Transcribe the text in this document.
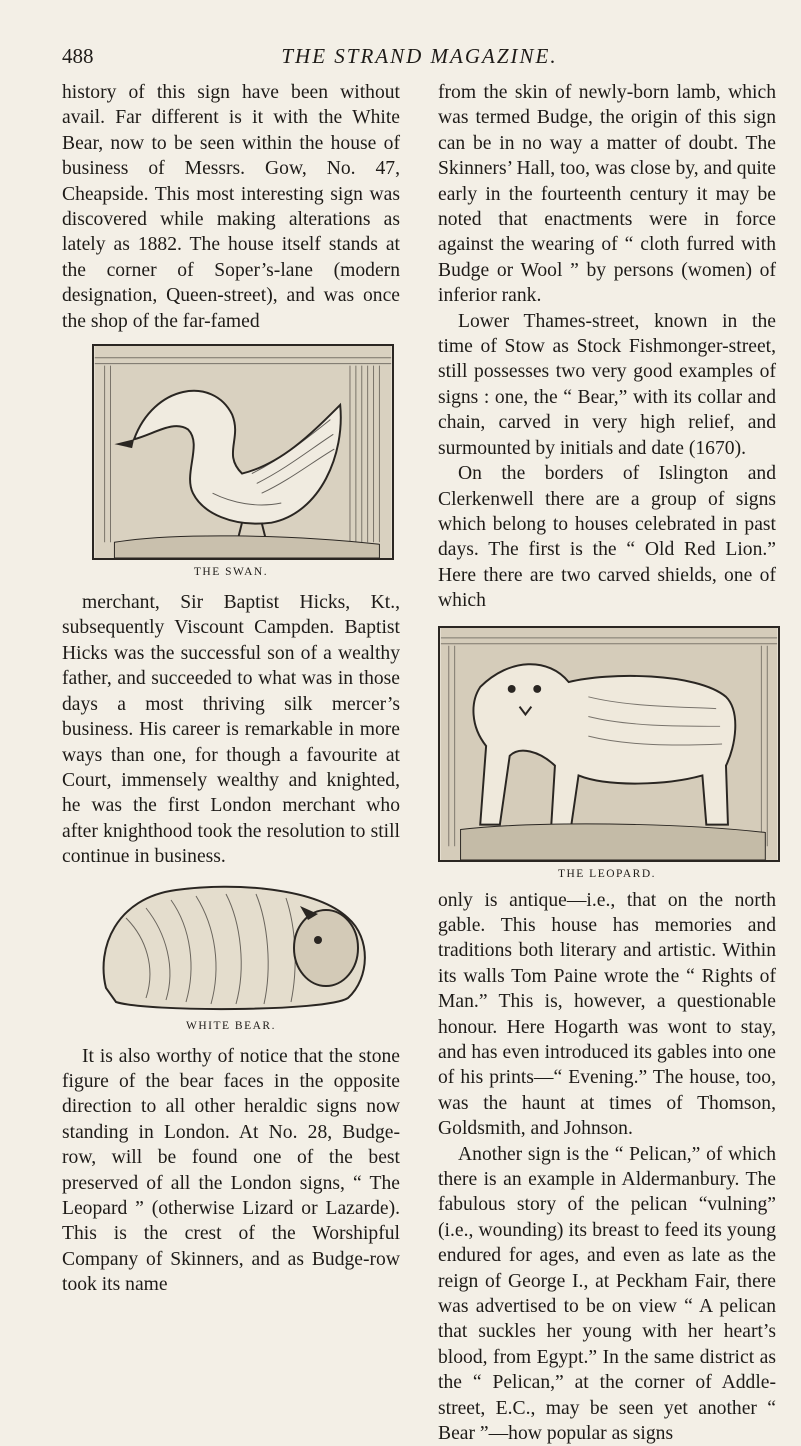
488	THE STRAND MAGAZINE.

history of this sign have been without avail. Far different is it with the White Bear, now to be seen within the house of business of Messrs. Gow, No. 47, Cheapside. This most interesting sign was discovered while making alterations as lately as 1882. The house itself stands at the corner of Soper’s-lane (modern designation, Queen-street), and was once the shop of the far-famed

THE SWAN.

merchant, Sir Baptist Hicks, Kt., subsequently Viscount Campden. Baptist Hicks was the successful son of a wealthy father, and succeeded to what was in those days a most thriving silk mercer’s business. His career is remarkable in more ways than one, for though a favourite at Court, immensely wealthy and knighted, he was the first London merchant who after knighthood took the resolution to still continue in business.

WHITE BEAR.

It is also worthy of notice that the stone figure of the bear faces in the opposite direction to all other heraldic signs now standing in London. At No. 28, Budge-row, will be found one of the best preserved of all the London signs, “ The Leopard ” (otherwise Lizard or Lazarde). This is the crest of the Worshipful Company of Skinners, and as Budge-row took its name

from the skin of newly-born lamb, which was termed Budge, the origin of this sign can be in no way a matter of doubt. The Skinners’ Hall, too, was close by, and quite early in the fourteenth century it may be noted that enactments were in force against the wearing of “ cloth furred with Budge or Wool ” by persons (women) of inferior rank.

Lower Thames-street, known in the time of Stow as Stock Fishmonger-street, still possesses two very good examples of signs : one, the “ Bear,” with its collar and chain, carved in very high relief, and surmounted by initials and date (1670).

On the borders of Islington and Clerkenwell there are a group of signs which belong to houses celebrated in past days. The first is the “ Old Red Lion.” Here there are two carved shields, one of which

THE LEOPARD.

only is antique—i.e., that on the north gable. This house has memories and traditions both literary and artistic. Within its walls Tom Paine wrote the “ Rights of Man.” This is, however, a questionable honour. Here Hogarth was wont to stay, and has even introduced its gables into one of his prints—“ Evening.” The house, too, was the haunt at times of Thomson, Goldsmith, and Johnson.

Another sign is the “ Pelican,” of which there is an example in Aldermanbury. The fabulous story of the pelican “vulning” (i.e., wounding) its breast to feed its young endured for ages, and even as late as the reign of George I., at Peckham Fair, there was advertised to be on view “ A pelican that suckles her young with her heart’s blood, from Egypt.” In the same district as the “ Pelican,” at the corner of Addle-street, E.C., may be seen yet another “ Bear ”—how popular as signs
